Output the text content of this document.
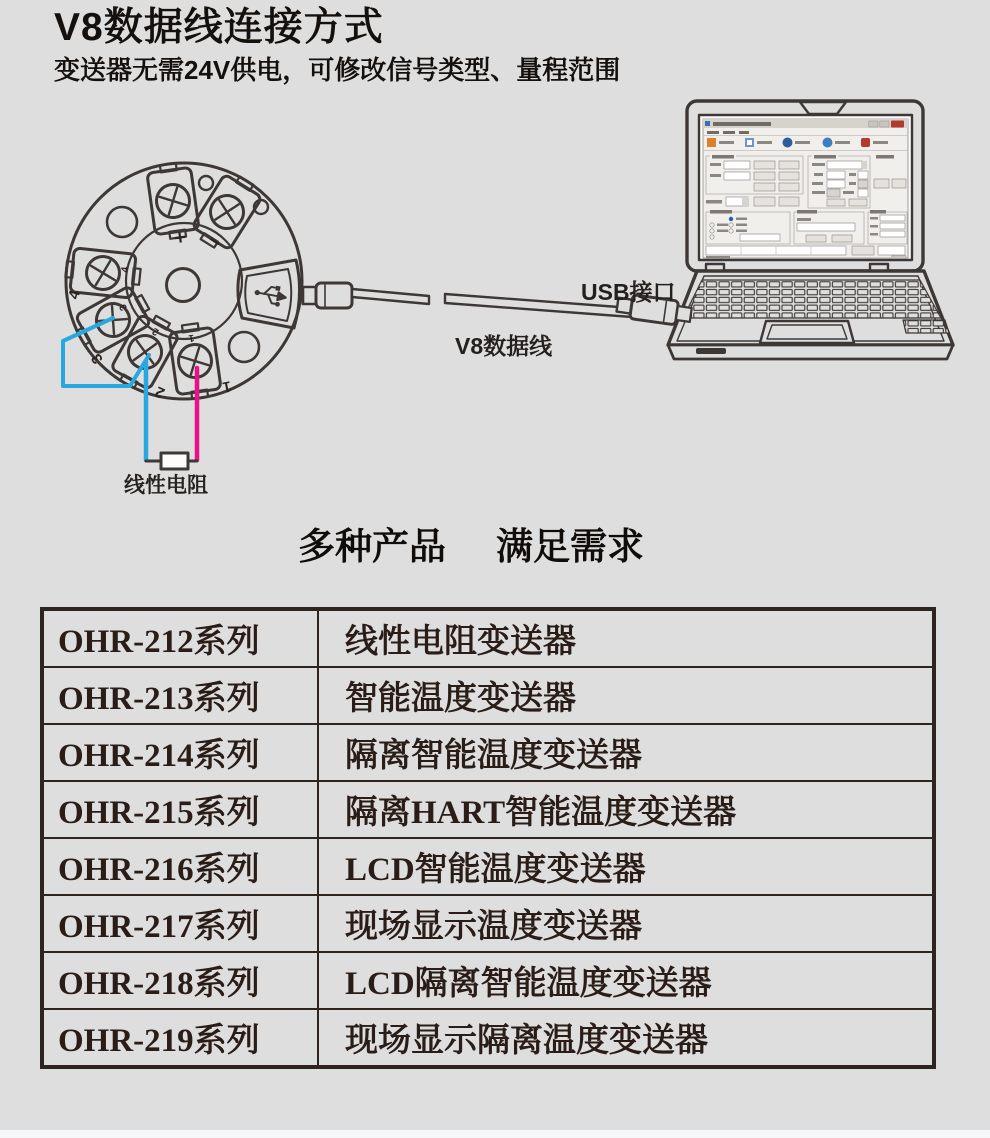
V8数据线连接方式
变送器无需24V供电，可修改信号类型、量程范围
4
3
2	1
4
3
2
1
+ −
线性电阻
USB接口
V8数据线
多种产品 满足需求
OHR-212系列	线性电阻变送器
OHR-213系列	智能温度变送器
OHR-214系列	隔离智能温度变送器
OHR-215系列	隔离HART智能温度变送器
OHR-216系列	LCD智能温度变送器
OHR-217系列	现场显示温度变送器
OHR-218系列	LCD隔离智能温度变送器
OHR-219系列	现场显示隔离温度变送器
